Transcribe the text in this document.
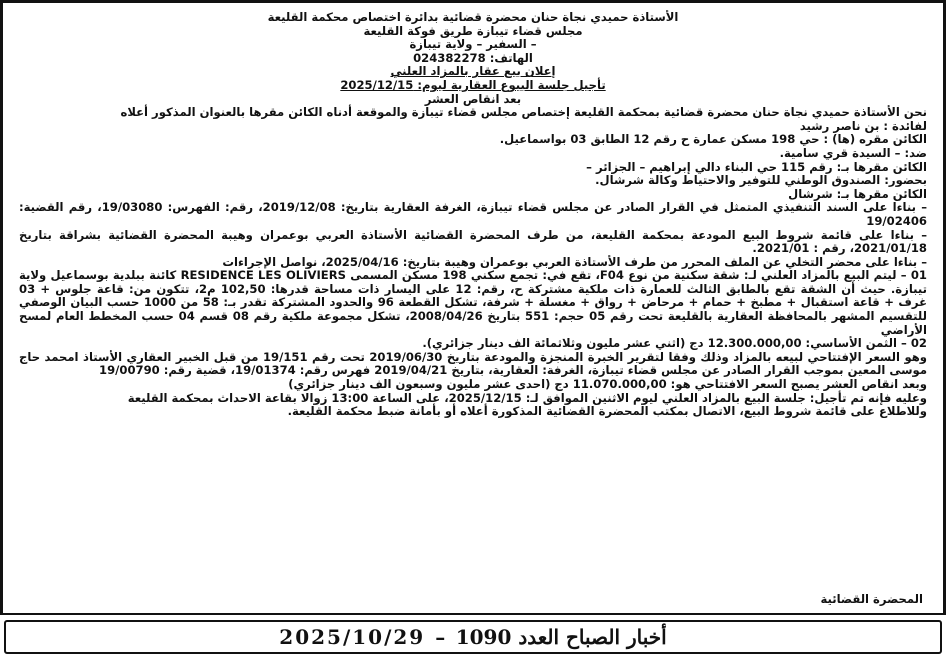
الأستاذة حميدي نجاة حنان محضرة قضائية بدائرة اختصاص محكمة القليعة
مجلس قضاء تيبازة طريق فوكة القليعة
– السفير – ولاية تيبازة
الهاتف: 024382278
إعلان بيع عقار بالمزاد العلني
تأجيل جلسة البيوع العقارية ليوم: 2025/12/15
بعد انقاص العشر

نحن الأستاذة حميدي نجاة حنان محضرة قضائية بمحكمة القليعة إختصاص مجلس قضاء تيبازة والموقعة أدناه الكائن مقرها بالعنوان المذكور أعلاه

لفائدة : بن ناصر رشيد

الكائن مقره (ها) : حي 198 مسكن عمارة ح رقم 12 الطابق 03 بواسماعيل.

ضد: – السيدة قري سامية.

الكائن مقرها بـ: رقم 115 حي البناء دالي إبراهيم – الجزائر –

بحضور: الصندوق الوطني للتوفير والاحتياط وكالة شرشال.

الكائن مقرها بـ: شرشال

– بناءا على السند التنفيذي المتمثل في القرار الصادر عن مجلس قضاء تيبازة، الغرفة العقارية بتاريخ: 2019/12/08، رقم: الفهرس: 19/03080، رقم القضية: 19/02406

– بناءا على قائمة شروط البيع المودعة بمحكمة القليعة، من طرف المحضرة القضائية الأستاذة العربي بوعمران وهيبة المحضرة القضائية بشراقة بتاريخ 2021/01/18، رقم : 2021/01.

– بناءا على محضر التخلي عن الملف المحرر من طرف الأستاذة العربي بوعمران وهيبة بتاريخ: 2025/04/16، نواصل الإجراءات

01 – ليتم البيع بالمزاد العلني لـ: شقة سكنية من نوع F04، تقع في: تجمع سكني 198 مسكن المسمى RESIDENCE LES OLIVIERS كائنة ببلدية بوسماعيل ولاية تيبازة. حيث أن الشقة تقع بالطابق الثالث للعمارة ذات ملكية مشتركة ح، رقم: 12 على اليسار ذات مساحة قدرها: 102,50 م2، تتكون من: قاعة جلوس + 03 غرف + قاعة استقبال + مطبخ + حمام + مرحاض + رواق + مغسلة + شرفة، تشكل القطعة 96 والحدود المشتركة تقدر بـ: 58 من 1000 حسب البيان الوصفي للتقسيم المشهر بالمحافظة العقارية بالقليعة تحت رقم 05 حجم: 551 بتاريخ 2008/04/26، تشكل مجموعة ملكية رقم 08 قسم 04 حسب المخطط العام لمسح الأراضي

02 – الثمن الأساسي: 12.300.000,00 دج (اثني عشر مليون وثلاثمائة الف دينار جزائري).

وهو السعر الإفتتاحي لبيعه بالمزاد وذلك وفقا لتقرير الخبرة المنجزة والمودعة بتاريخ 2019/06/30 تحت رقم 19/151 من قبل الخبير العقاري الأستاذ امحمد حاج موسى المعين بموجب القرار الصادر عن مجلس قضاء تيبازة، الغرفة: العقارية، بتاريخ 2019/04/21 فهرس رقم: 19/01374، قضية رقم: 19/00790

وبعد انقاص العشر يصبح السعر الافتتاحي هو: 11.070.000,00 دج (احدى عشر مليون وسبعون الف دينار جزائري)

وعليه فإنه تم تأجيل: جلسة البيع بالمزاد العلني ليوم الاثنين الموافق لـ: 2025/12/15، على الساعة 13:00 زوالا بقاعة الاحداث بمحكمة القليعة

وللاطلاع على قائمة شروط البيع، الاتصال بمكتب المحضرة القضائية المذكورة أعلاه أو بأمانة ضبط محكمة القليعة.

المحضرة القضائية
أخبار الصباح العدد 1090
–
2025/10/29
